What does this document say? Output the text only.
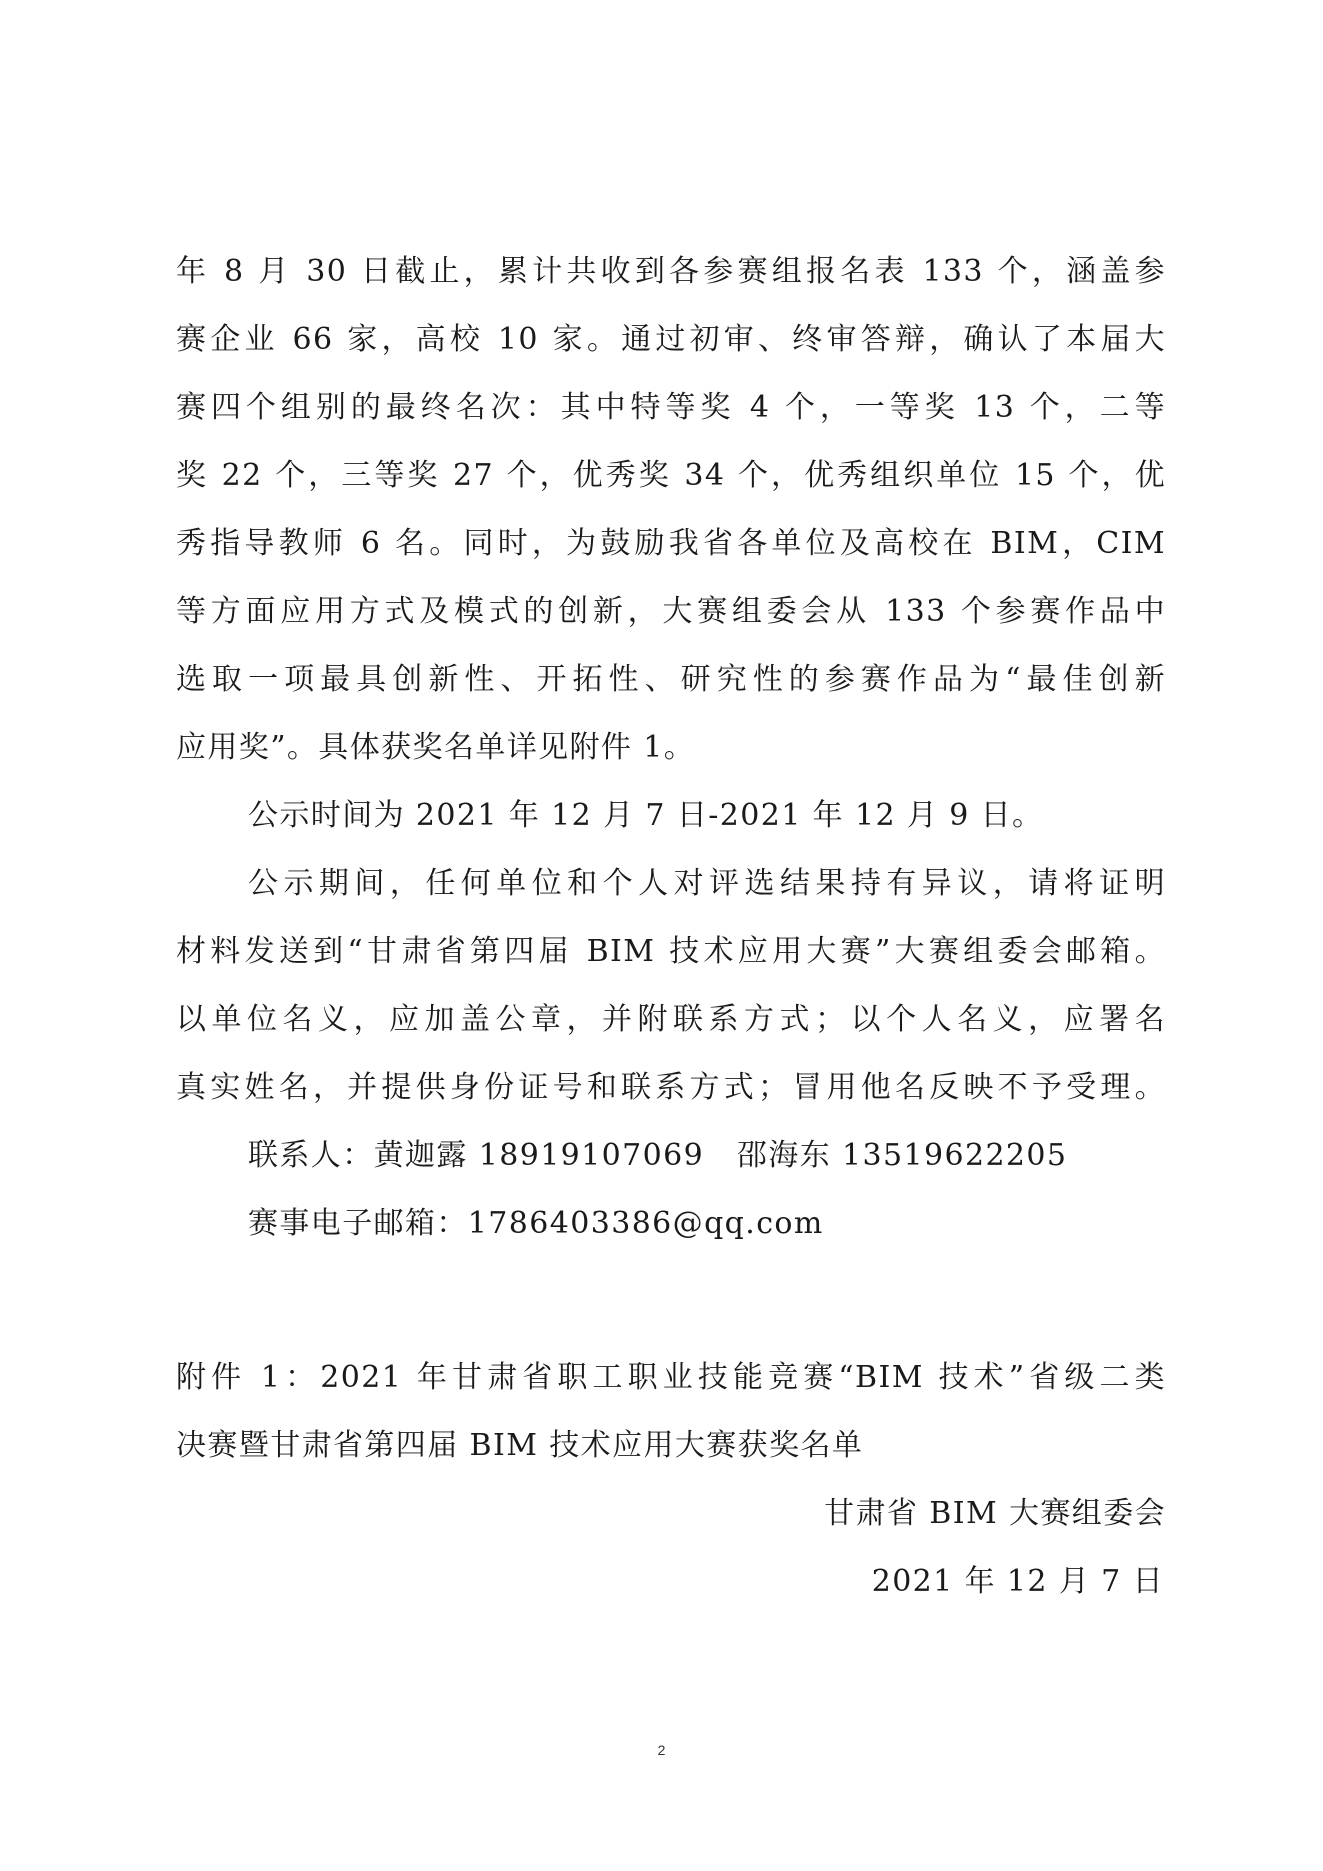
年 8 月 30 日截止，累计共收到各参赛组报名表 133 个，涵盖参
赛企业 66 家，高校 10 家。通过初审、终审答辩，确认了本届大
赛四个组别的最终名次：其中特等奖 4 个，一等奖 13 个，二等
奖 22 个，三等奖 27 个，优秀奖 34 个，优秀组织单位 15 个，优
秀指导教师 6 名。同时，为鼓励我省各单位及高校在 BIM，CIM
等方面应用方式及模式的创新，大赛组委会从 133 个参赛作品中
选取一项最具创新性、开拓性、研究性的参赛作品为“最佳创新
应用奖”。具体获奖名单详见附件 1。
公示时间为 2021 年 12 月 7 日-2021 年 12 月 9 日。
公示期间，任何单位和个人对评选结果持有异议，请将证明
材料发送到“甘肃省第四届 BIM 技术应用大赛”大赛组委会邮箱。
以单位名义，应加盖公章，并附联系方式；以个人名义，应署名
真实姓名，并提供身份证号和联系方式；冒用他名反映不予受理。
联系人：黄迦露 18919107069   邵海东 13519622205
赛事电子邮箱：1786403386@qq.com
附件 1：2021 年甘肃省职工职业技能竞赛“BIM 技术”省级二类
决赛暨甘肃省第四届 BIM 技术应用大赛获奖名单
甘肃省 BIM 大赛组委会
2021 年 12 月 7 日
2
